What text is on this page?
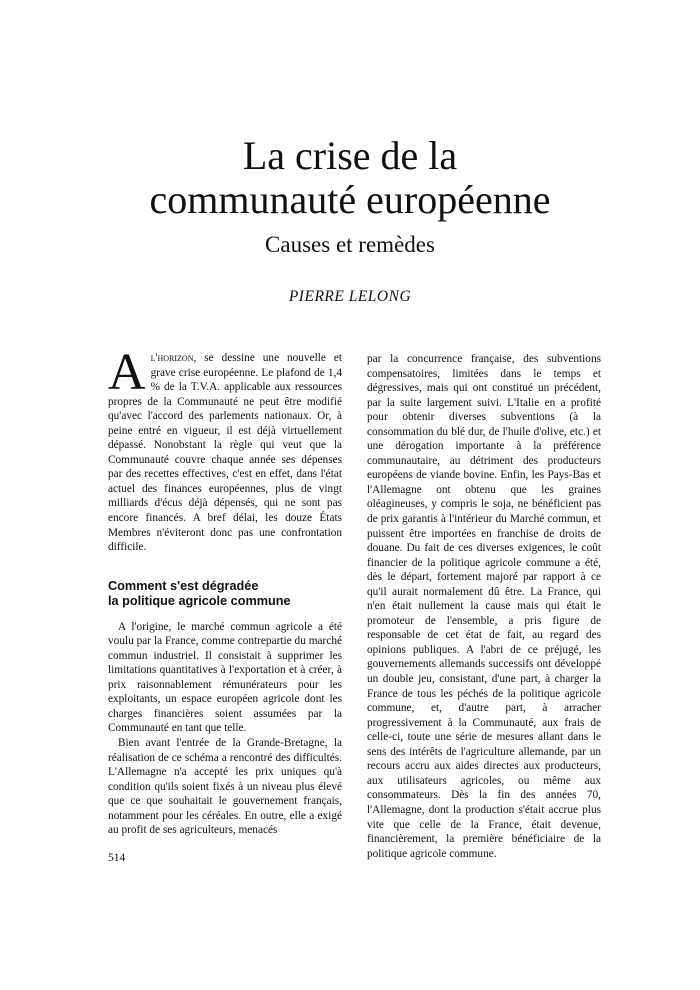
La crise de la
communauté européenne
Causes et remèdes
PIERRE LELONG

Al'horizon, se dessine une nouvelle et grave crise européenne. Le plafond de 1,4 % de la T.V.A. applicable aux ressources propres de la Communauté ne peut être modifié qu'avec l'accord des parlements nationaux. Or, à peine entré en vigueur, il est déjà virtuellement dépassé. Nonobstant la règle qui veut que la Communauté couvre chaque année ses dépenses par des recettes effectives, c'est en effet, dans l'état actuel des finances européennes, plus de vingt milliards d'écus déjà dépensés, qui ne sont pas encore financés. A bref délai, les douze États Membres n'éviteront donc pas une confrontation difficile.

Comment s'est dégradée
la politique agricole commune

A l'origine, le marché commun agricole a été voulu par la France, comme contrepartie du marché commun industriel. Il consistait à supprimer les limitations quantitatives à l'exportation et à créer, à prix raisonnablement rémunérateurs pour les exploitants, un espace européen agricole dont les charges financières soient assumées par la Communauté en tant que telle.

Bien avant l'entrée de la Grande-Bretagne, la réalisation de ce schéma a rencontré des difficultés. L'Allemagne n'a accepté les prix uniques qu'à condition qu'ils soient fixés à un niveau plus élevé que ce que souhaitait le gouvernement français, notamment pour les céréales. En outre, elle a exigé au profit de ses agriculteurs, menacés

par la concurrence française, des subventions compensatoires, limitées dans le temps et dégressives, mais qui ont constitué un précédent, par la suite largement suivi. L'Italie en a profité pour obtenir diverses subventions (à la consommation du blé dur, de l'huile d'olive, etc.) et une dérogation importante à la préférence communautaire, au détriment des producteurs européens de viande bovine. Enfin, les Pays-Bas et l'Allemagne ont obtenu que les graines oléagineuses, y compris le soja, ne bénéficient pas de prix garantis à l'intérieur du Marché commun, et puissent être importées en franchise de droits de douane. Du fait de ces diverses exigences, le coût financier de la politique agricole commune a été, dès le départ, fortement majoré par rapport à ce qu'il aurait normalement dû être. La France, qui n'en était nullement la cause mais qui était le promoteur de l'ensemble, a pris figure de responsable de cet état de fait, au regard des opinions publiques. A l'abri de ce préjugé, les gouvernements allemands successifs ont développé un double jeu, consistant, d'une part, à charger la France de tous les péchés de la politique agricole commune, et, d'autre part, à arracher progressivement à la Communauté, aux frais de celle-ci, toute une série de mesures allant dans le sens des intérêts de l'agriculture allemande, par un recours accru aux aides directes aux producteurs, aux utilisateurs agricoles, ou même aux consommateurs. Dès la fin des années 70, l'Allemagne, dont la production s'était accrue plus vite que celle de la France, était devenue, financièrement, la première bénéficiaire de la politique agricole commune.

514
